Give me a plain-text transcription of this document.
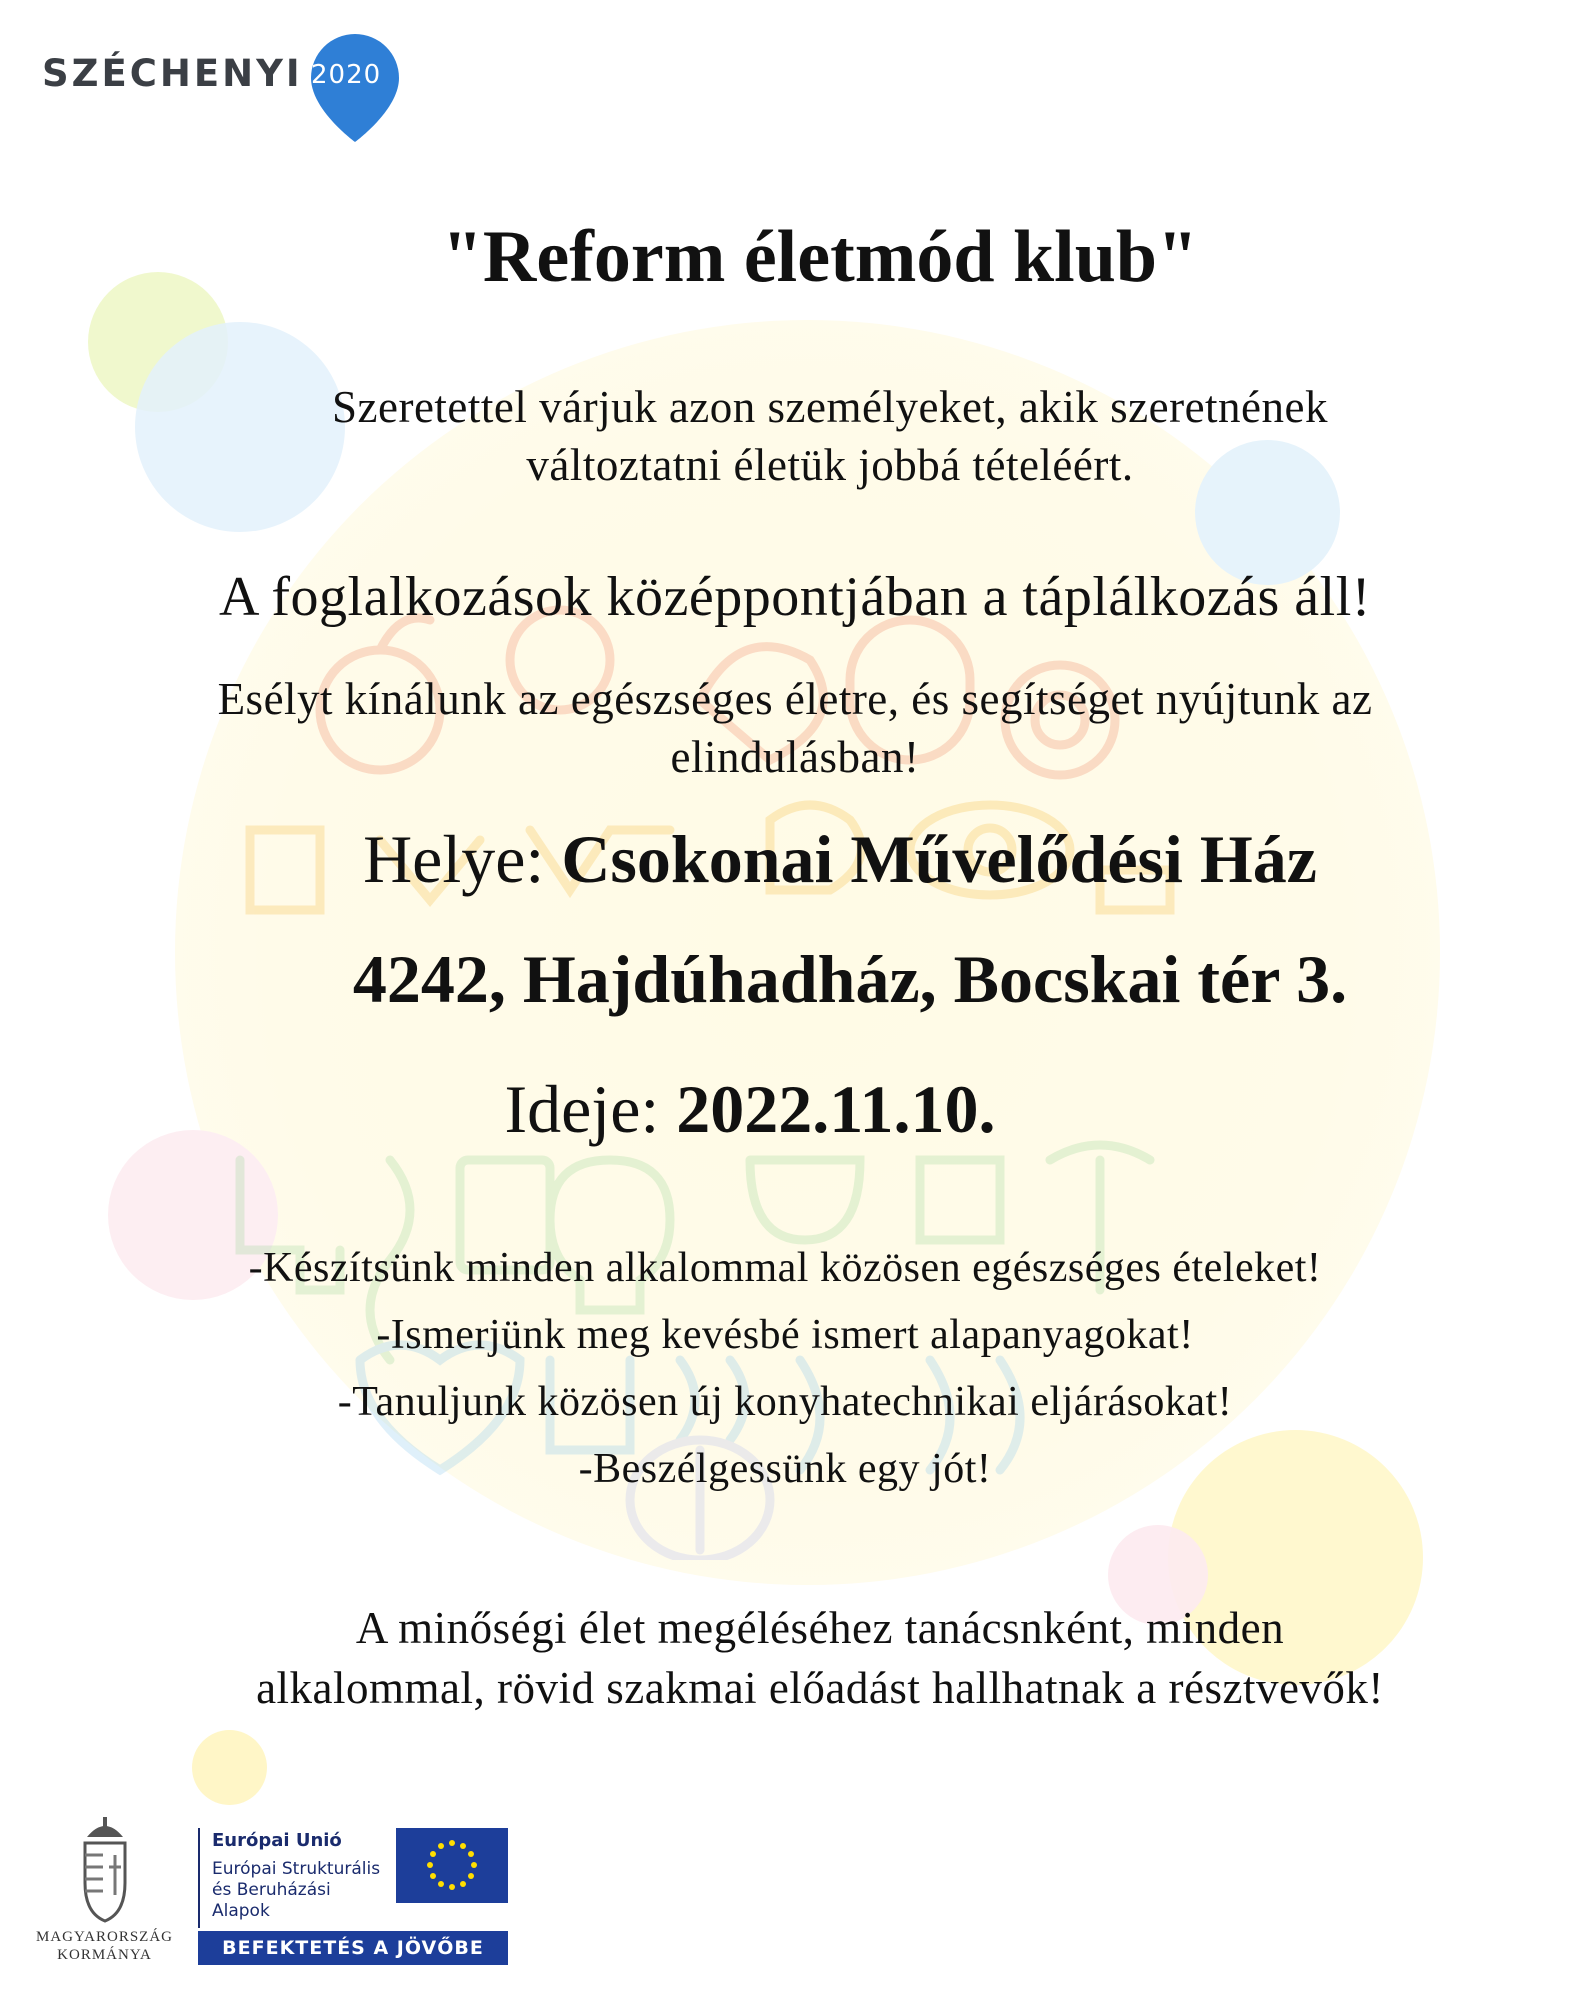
SZÉCHENYI 2020
"Reform életmód klub"
Szeretettel várjuk azon személyeket, akik szeretnének
változtatni életük jobbá tételéért.
A foglalkozások középpontjában a táplálkozás áll!
Esélyt kínálunk az egészséges életre, és segítséget nyújtunk az
elindulásban!
Helye: Csokonai Művelődési Ház
4242, Hajdúhadház, Bocskai tér 3.
Ideje: 2022.11.10.
-Készítsünk minden alkalommal közösen egészséges ételeket!
-Ismerjünk meg kevésbé ismert alapanyagokat!
-Tanuljunk közösen új konyhatechnikai eljárásokat!
-Beszélgessünk egy jót!
A minőségi élet megéléséhez tanácsnként, minden
alkalommal, rövid szakmai előadást hallhatnak a résztvevők!
MAGYARORSZÁG
KORMÁNYA
Európai Unió
Európai Strukturális
és Beruházási Alapok
BEFEKTETÉS A JÖVŐBE
